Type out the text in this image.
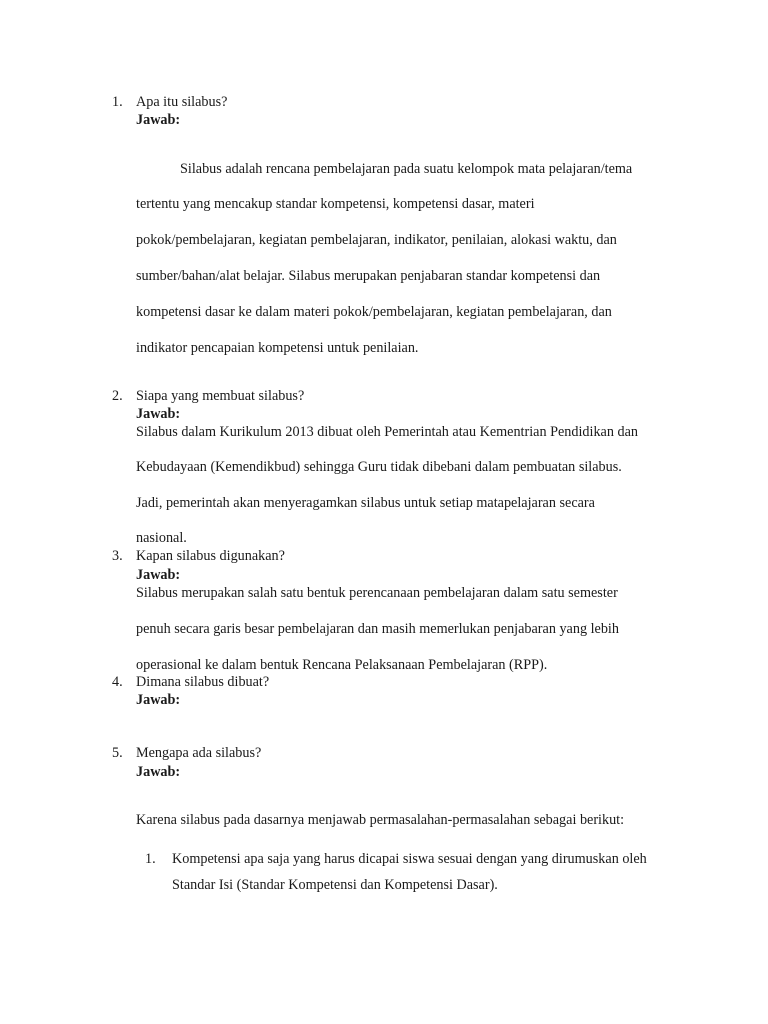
1. Apa itu silabus?
Jawab:
Silabus adalah rencana pembelajaran pada suatu kelompok mata pelajaran/tema
tertentu yang mencakup standar kompetensi, kompetensi dasar, materi
pokok/pembelajaran, kegiatan pembelajaran, indikator, penilaian, alokasi waktu, dan
sumber/bahan/alat belajar. Silabus merupakan penjabaran standar kompetensi dan
kompetensi dasar ke dalam materi pokok/pembelajaran, kegiatan pembelajaran, dan
indikator pencapaian kompetensi untuk penilaian.
2. Siapa yang membuat silabus?
Jawab:
Silabus dalam Kurikulum 2013 dibuat oleh Pemerintah atau Kementrian Pendidikan dan
Kebudayaan (Kemendikbud) sehingga Guru tidak dibebani dalam pembuatan silabus.
Jadi, pemerintah akan menyeragamkan silabus untuk setiap matapelajaran secara
nasional.
3. Kapan silabus digunakan?
Jawab:
Silabus merupakan salah satu bentuk perencanaan pembelajaran dalam satu semester
penuh secara garis besar pembelajaran dan masih memerlukan penjabaran yang lebih
operasional ke dalam bentuk Rencana Pelaksanaan Pembelajaran (RPP).
4. Dimana silabus dibuat?
Jawab:
5. Mengapa ada silabus?
Jawab:
Karena silabus pada dasarnya menjawab permasalahan-permasalahan sebagai berikut:
1. Kompetensi apa saja yang harus dicapai siswa sesuai dengan yang dirumuskan oleh
Standar Isi (Standar Kompetensi dan Kompetensi Dasar).
